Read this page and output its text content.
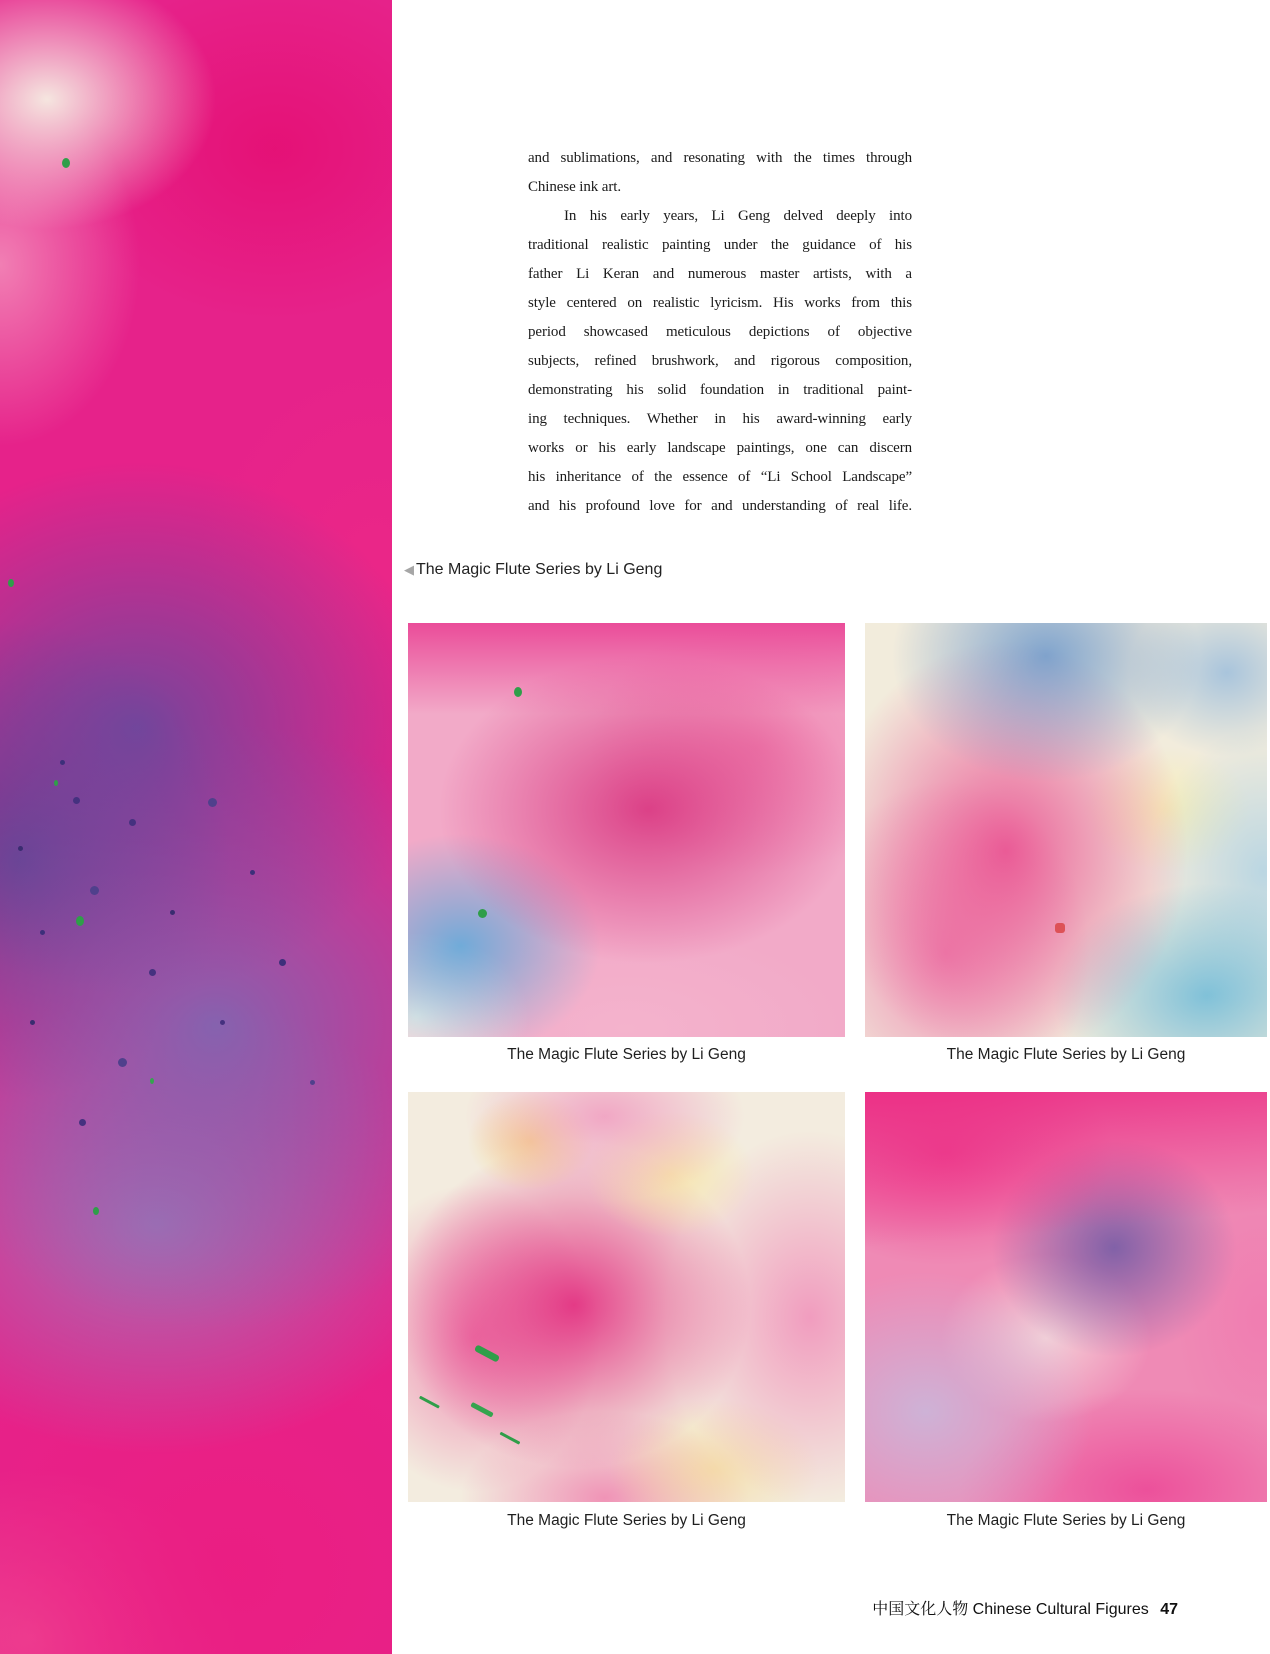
and sublimations, and resonating with the times through
Chinese ink art.
In his early years, Li Geng delved deeply into
traditional realistic painting under the guidance of his
father Li Keran and numerous master artists, with a
style centered on realistic lyricism. His works from this
period showcased meticulous depictions of objective
subjects, refined brushwork, and rigorous composition,
demonstrating his solid foundation in traditional paint-
ing techniques. Whether in his award-winning early
works or his early landscape paintings, one can discern
his inheritance of the essence of “Li School Landscape”
and his profound love for and understanding of real life.
◀ The Magic Flute Series by Li Geng
The Magic Flute Series by Li Geng	The Magic Flute Series by Li Geng
The Magic Flute Series by Li Geng	The Magic Flute Series by Li Geng
中国文化人物 Chinese Cultural Figures 47
